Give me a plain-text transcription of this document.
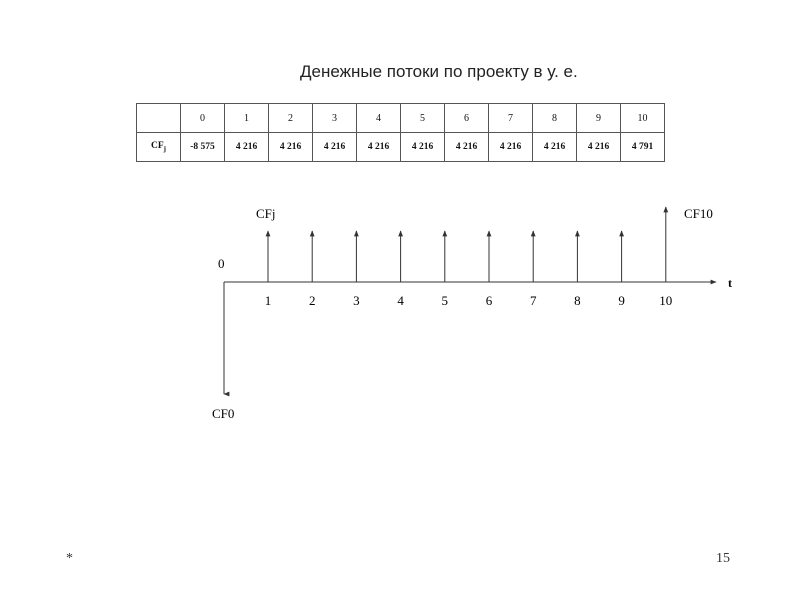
Денежные потоки по проекту в у. е.
	0	1	2	3	4	5	6	7	8	9	10
$CF_j$	-8 575	4 216	4 216	4 216	4 216	4 216	4 216	4 216	4 216	4 216	4 791
1	2	3	4	5	6	7	8	9	10
0
t
CFj	CF10
CF0
*	15
